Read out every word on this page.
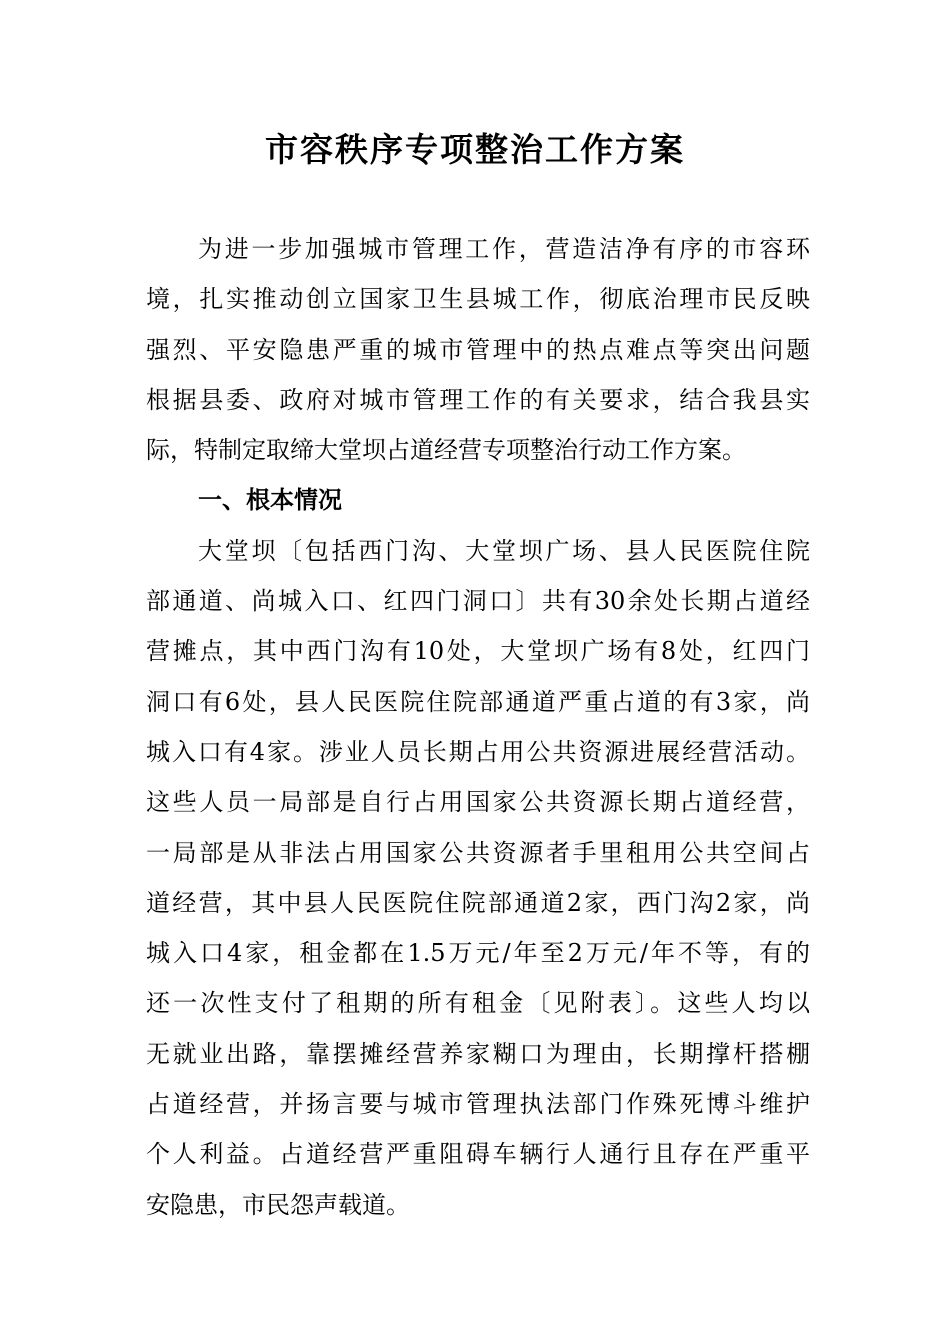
市容秩序专项整治工作方案
为进一步加强城市管理工作，营造洁净有序的市容环
境，扎实推动创立国家卫生县城工作，彻底治理市民反映
强烈、平安隐患严重的城市管理中的热点难点等突出问题
根据县委、政府对城市管理工作的有关要求，结合我县实
际，特制定取缔大堂坝占道经营专项整治行动工作方案。
一、根本情况
大堂坝〔包括西门沟、大堂坝广场、县人民医院住院
部通道、尚城入口、红四门洞口〕共有30余处长期占道经
营摊点，其中西门沟有10处，大堂坝广场有8处，红四门
洞口有6处，县人民医院住院部通道严重占道的有3家，尚
城入口有4家。涉业人员长期占用公共资源进展经营活动。
这些人员一局部是自行占用国家公共资源长期占道经营，
一局部是从非法占用国家公共资源者手里租用公共空间占
道经营，其中县人民医院住院部通道2家，西门沟2家，尚
城入口4家，租金都在1.5万元/年至2万元/年不等，有的
还一次性支付了租期的所有租金〔见附表〕。这些人均以
无就业出路，靠摆摊经营养家糊口为理由，长期撑杆搭棚
占道经营，并扬言要与城市管理执法部门作殊死博斗维护
个人利益。占道经营严重阻碍车辆行人通行且存在严重平
安隐患，市民怨声载道。
